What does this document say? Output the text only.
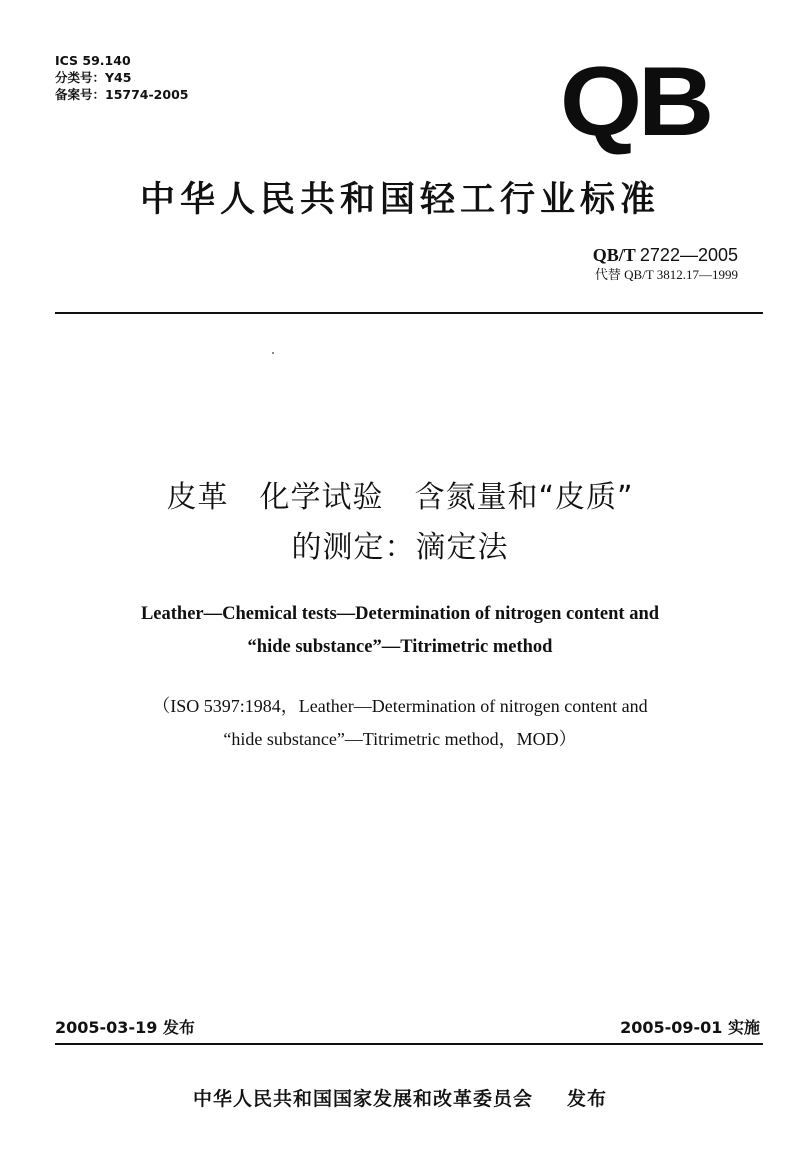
ICS 59.140
分类号：Y45
备案号：15774-2005	QB
中华人民共和国轻工行业标准
QB/T 2722—2005
代替 QB/T 3812.17—1999
皮革　化学试验　含氮量和“皮质”
的测定：滴定法
Leather—Chemical tests—Determination of nitrogen content and
“hide substance”—Titrimetric method
（ISO 5397:1984，Leather—Determination of nitrogen content and
“hide substance”—Titrimetric method，MOD）
2005-03-19 发布	2005-09-01 实施
中华人民共和国国家发展和改革委员会 发布
